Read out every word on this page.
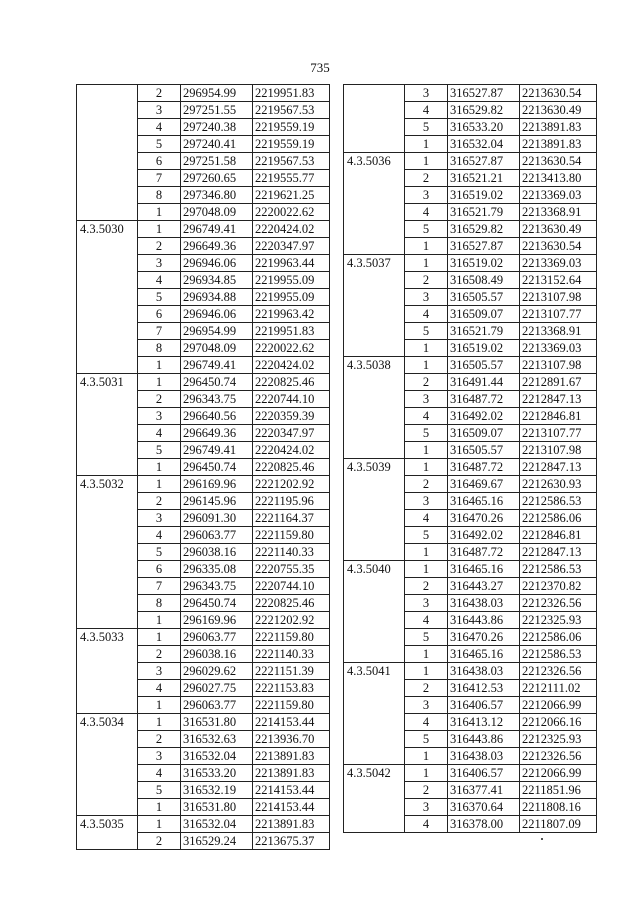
735
	2	296954.99	2219951.83
	3	297251.55	2219567.53
	4	297240.38	2219559.19
	5	297240.41	2219559.19
	6	297251.58	2219567.53
	7	297260.65	2219555.77
	8	297346.80	2219621.25
	1	297048.09	2220022.62
4.3.5030	1	296749.41	2220424.02
	2	296649.36	2220347.97
	3	296946.06	2219963.44
	4	296934.85	2219955.09
	5	296934.88	2219955.09
	6	296946.06	2219963.42
	7	296954.99	2219951.83
	8	297048.09	2220022.62
	1	296749.41	2220424.02
4.3.5031	1	296450.74	2220825.46
	2	296343.75	2220744.10
	3	296640.56	2220359.39
	4	296649.36	2220347.97
	5	296749.41	2220424.02
	1	296450.74	2220825.46
4.3.5032	1	296169.96	2221202.92
	2	296145.96	2221195.96
	3	296091.30	2221164.37
	4	296063.77	2221159.80
	5	296038.16	2221140.33
	6	296335.08	2220755.35
	7	296343.75	2220744.10
	8	296450.74	2220825.46
	1	296169.96	2221202.92
4.3.5033	1	296063.77	2221159.80
	2	296038.16	2221140.33
	3	296029.62	2221151.39
	4	296027.75	2221153.83
	1	296063.77	2221159.80
4.3.5034	1	316531.80	2214153.44
	2	316532.63	2213936.70
	3	316532.04	2213891.83
	4	316533.20	2213891.83
	5	316532.19	2214153.44
	1	316531.80	2214153.44
4.3.5035	1	316532.04	2213891.83
	2	316529.24	2213675.37
	3	316527.87	2213630.54
	4	316529.82	2213630.49
	5	316533.20	2213891.83
	1	316532.04	2213891.83
4.3.5036	1	316527.87	2213630.54
	2	316521.21	2213413.80
	3	316519.02	2213369.03
	4	316521.79	2213368.91
	5	316529.82	2213630.49
	1	316527.87	2213630.54
4.3.5037	1	316519.02	2213369.03
	2	316508.49	2213152.64
	3	316505.57	2213107.98
	4	316509.07	2213107.77
	5	316521.79	2213368.91
	1	316519.02	2213369.03
4.3.5038	1	316505.57	2213107.98
	2	316491.44	2212891.67
	3	316487.72	2212847.13
	4	316492.02	2212846.81
	5	316509.07	2213107.77
	1	316505.57	2213107.98
4.3.5039	1	316487.72	2212847.13
	2	316469.67	2212630.93
	3	316465.16	2212586.53
	4	316470.26	2212586.06
	5	316492.02	2212846.81
	1	316487.72	2212847.13
4.3.5040	1	316465.16	2212586.53
	2	316443.27	2212370.82
	3	316438.03	2212326.56
	4	316443.86	2212325.93
	5	316470.26	2212586.06
	1	316465.16	2212586.53
4.3.5041	1	316438.03	2212326.56
	2	316412.53	2212111.02
	3	316406.57	2212066.99
	4	316413.12	2212066.16
	5	316443.86	2212325.93
	1	316438.03	2212326.56
4.3.5042	1	316406.57	2212066.99
	2	316377.41	2211851.96
	3	316370.64	2211808.16
	4	316378.00	2211807.09
